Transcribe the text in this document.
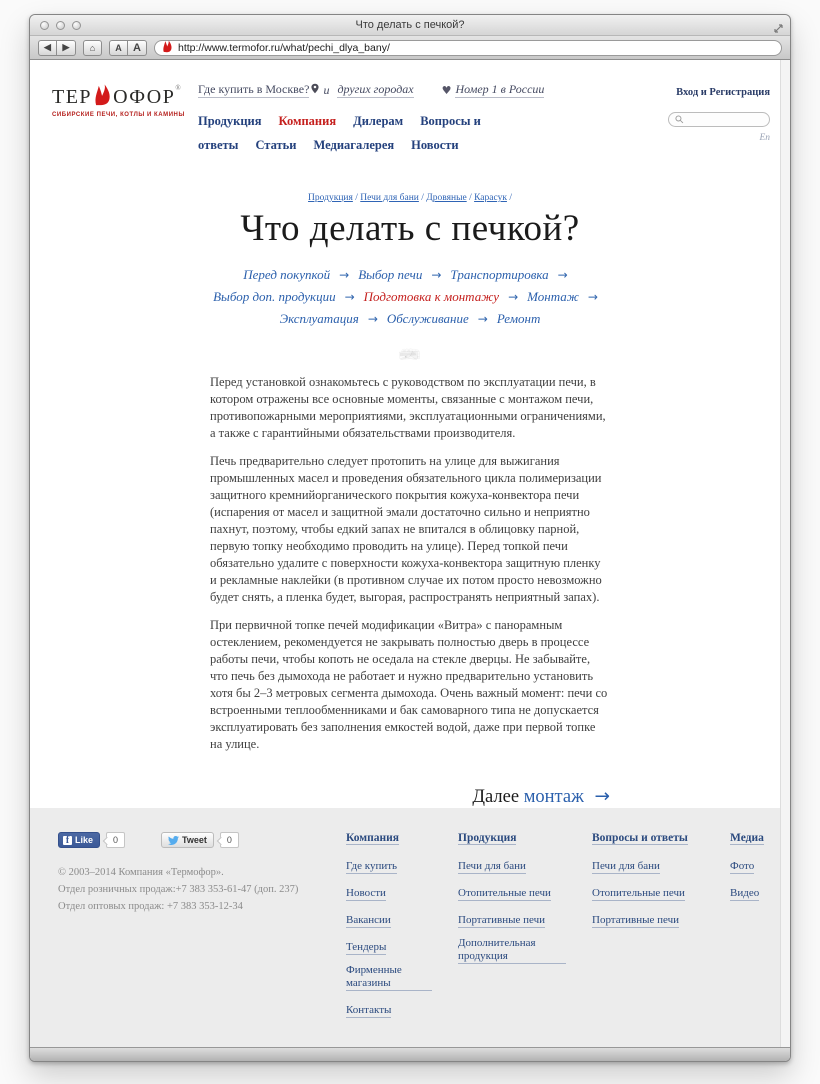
Что делать с печкой?
◀	▶	⌂	A	A	http://www.termofor.ru/what/pechi_dlya_bany/
ТЕР ОФОР®
СИБИРСКИЕ ПЕЧИ, КОТЛЫ И КАМИНЫ
Где купить в Москве? и других городах	♥ Номер 1 в России
Продукция Компания Дилерам Вопросы и ответы Статьи Медиагалерея Новости
Вход и Регистрация
En
Продукция / Печи для бани / Дровяные / Карасук /
Что делать с печкой?
Перед покупкой → Выбор печи → Транспортировка →
Выбор доп. продукции → Подготовка к монтажу → Монтаж →
Эксплуатация → Обслуживание → Ремонт

Перед установкой ознакомьтесь с руководством по эксплуатации печи, в котором отражены все основные моменты, связанные с монтажом печи, противопожарными мероприятиями, эксплуатационными ограничениями, а также с гарантийными обязательствами производителя.

Печь предварительно следует протопить на улице для выжигания промышленных масел и проведения обязательного цикла полимеризации защитного кремнийорганического покрытия кожуха-конвектора печи (испарения от масел и защитной эмали достаточно сильно и неприятно пахнут, поэтому, чтобы едкий запах не впитался в облицовку парной, первую топку необходимо проводить на улице). Перед топкой печи обязательно удалите с поверхности кожуха-конвектора защитную пленку и рекламные наклейки (в противном случае их потом просто невозможно будет снять, а пленка будет, выгорая, распространять неприятный запах).

При первичной топке печей модификации «Витра» с панорамным остеклением, рекомендуется не закрывать полностью дверь в процессе работы печи, чтобы копоть не оседала на стекле дверцы. Не забывайте, что печь без дымохода не работает и нужно предварительно установить хотя бы 2–3 метровых сегмента дымохода. Очень важный момент: печи со встроенными теплообменниками и бак самоварного типа не допускается эксплуатировать без заполнения емкостей водой, даже при первой топке на улице.

Далее монтаж →
f Like	0	Tweet	0
© 2003–2014 Компания «Термофор».
Отдел розничных продаж:+7 383 353-61-47 (доп. 237)
Отдел оптовых продаж: +7 383 353-12-34
Компания
Где купить
Новости
Вакансии
Тендеры
Фирменные магазины
Контакты
Продукция
Печи для бани
Отопительные печи
Портативные печи
Дополнительная продукция
Вопросы и ответы
Печи для бани
Отопительные печи
Портативные печи
Медиа
Фото
Видео
